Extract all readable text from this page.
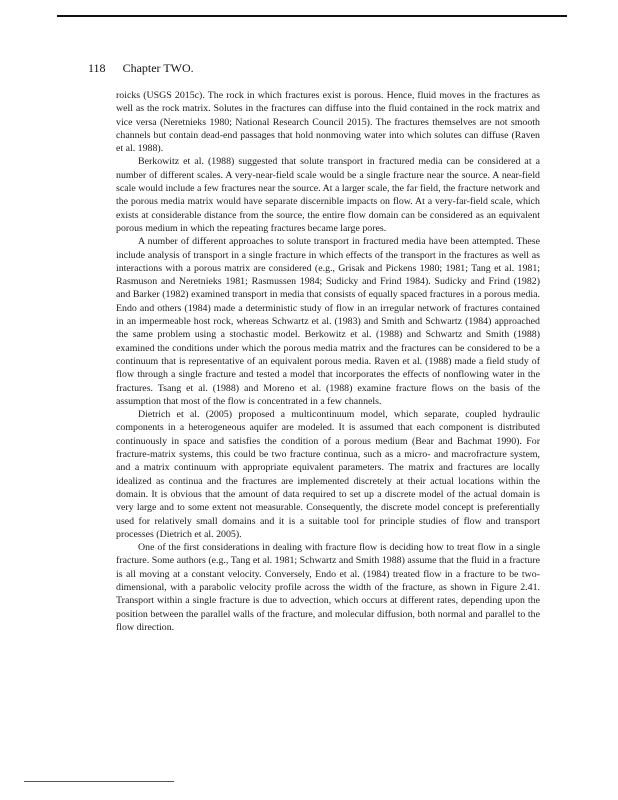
118 Chapter TWO.

roicks (USGS 2015c). The rock in which fractures exist is porous. Hence, fluid moves in the fractures as well as the rock matrix. Solutes in the fractures can diffuse into the fluid contained in the rock matrix and vice versa (Neretnieks 1980; National Research Council 2015). The fractures themselves are not smooth channels but contain dead-end passages that hold nonmoving water into which solutes can diffuse (Raven et al. 1988).

Berkowitz et al. (1988) suggested that solute transport in fractured media can be considered at a number of different scales. A very-near-field scale would be a single fracture near the source. A near-field scale would include a few fractures near the source. At a larger scale, the far field, the fracture network and the porous media matrix would have separate discernible impacts on flow. At a very-far-field scale, which exists at considerable distance from the source, the entire flow domain can be considered as an equivalent porous medium in which the repeating fractures became large pores.

A number of different approaches to solute transport in fractured media have been attempted. These include analysis of transport in a single fracture in which effects of the transport in the fractures as well as interactions with a porous matrix are considered (e.g., Grisak and Pickens 1980; 1981; Tang et al. 1981; Rasmuson and Neretnieks 1981; Rasmussen 1984; Sudicky and Frind 1984). Sudicky and Frind (1982) and Barker (1982) examined transport in media that consists of equally spaced fractures in a porous media. Endo and others (1984) made a deterministic study of flow in an irregular network of fractures contained in an impermeable host rock, whereas Schwartz et al. (1983) and Smith and Schwartz (1984) approached the same problem using a stochastic model. Berkowitz et al. (1988) and Schwartz and Smith (1988) examined the conditions under which the porous media matrix and the fractures can be considered to be a continuum that is representative of an equivalent porous media. Raven et al. (1988) made a field study of flow through a single fracture and tested a model that incorporates the effects of nonflowing water in the fractures. Tsang et al. (1988) and Moreno et al. (1988) examine fracture flows on the basis of the assumption that most of the flow is concentrated in a few channels.

Dietrich et al. (2005) proposed a multicontinuum model, which separate, coupled hydraulic components in a heterogeneous aquifer are modeled. It is assumed that each component is distributed continuously in space and satisfies the condition of a porous medium (Bear and Bachmat 1990). For fracture-matrix systems, this could be two fracture continua, such as a micro- and macrofracture system, and a matrix continuum with appropriate equivalent parameters. The matrix and fractures are locally idealized as continua and the fractures are implemented discretely at their actual locations within the domain. It is obvious that the amount of data required to set up a discrete model of the actual domain is very large and to some extent not measurable. Consequently, the discrete model concept is preferentially used for relatively small domains and it is a suitable tool for principle studies of flow and transport processes (Dietrich et al. 2005).

One of the first considerations in dealing with fracture flow is deciding how to treat flow in a single fracture. Some authors (e.g., Tang et al. 1981; Schwartz and Smith 1988) assume that the fluid in a fracture is all moving at a constant velocity. Conversely, Endo et al. (1984) treated flow in a fracture to be two-dimensional, with a parabolic velocity profile across the width of the fracture, as shown in Figure 2.41. Transport within a single fracture is due to advection, which occurs at different rates, depending upon the position between the parallel walls of the fracture, and molecular diffusion, both normal and parallel to the flow direction.
